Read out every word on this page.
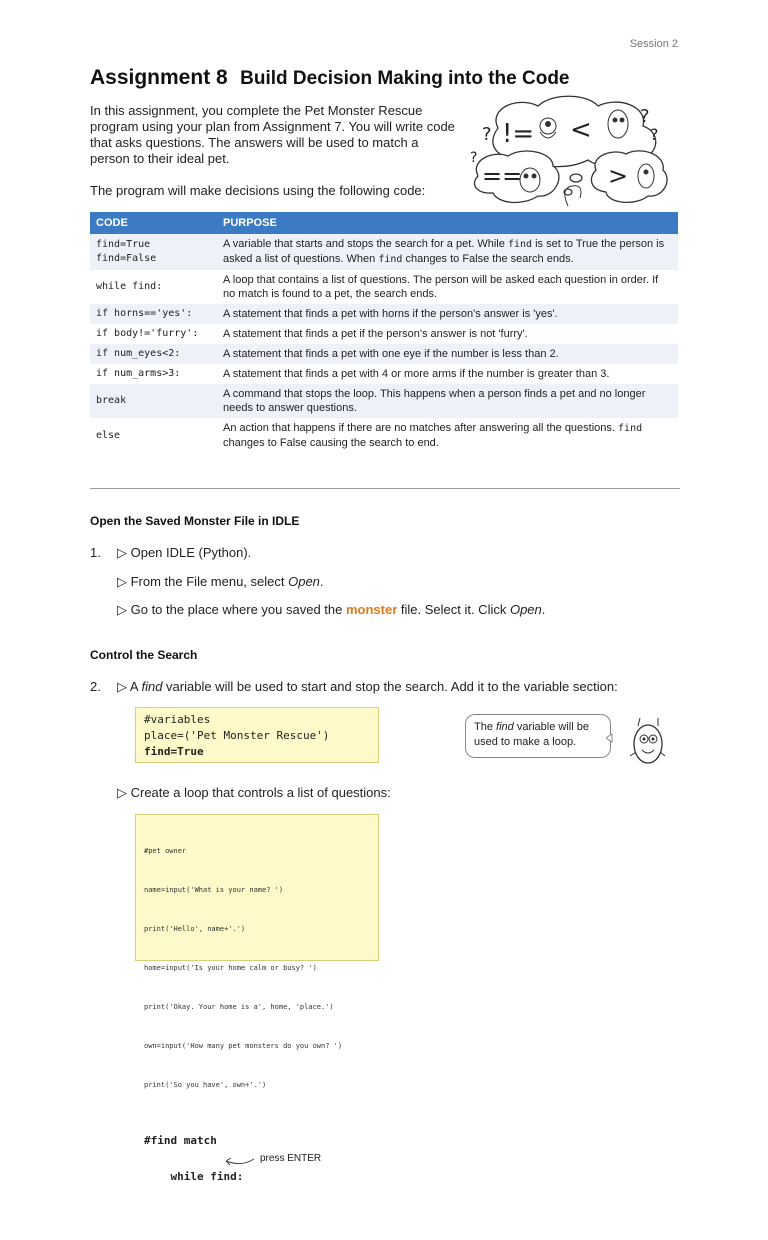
Session 2
Assignment 8 Build Decision Making into the Code

In this assignment, you complete the Pet Monster Rescue program using your plan from Assignment 7. You will write code that asks questions. The answers will be used to match a person to their ideal pet.

The program will make decisions using the following code:

!= <
==	>
?
?
?
?
CODE	PURPOSE
find=True
find=False	A variable that starts and stops the search for a pet. While find is set to True the person is asked a list of questions. When find changes to False the search ends.
while find:	A loop that contains a list of questions. The person will be asked each question in order. If no match is found to a pet, the search ends.
if horns=='yes':	A statement that finds a pet with horns if the person's answer is 'yes'.
if body!='furry':	A statement that finds a pet if the person's answer is not 'furry'.
if num_eyes<2:	A statement that finds a pet with one eye if the number is less than 2.
if num_arms>3:	A statement that finds a pet with 4 or more arms if the number is greater than 3.
break	A command that stops the loop. This happens when a person finds a pet and no longer needs to answer questions.
else	An action that happens if there are no matches after answering all the questions. find changes to False causing the search to end.
Open the Saved Monster File in IDLE
1. ▷ Open IDLE (Python).
▷ From the File menu, select Open.
▷ Go to the place where you saved the monster file. Select it. Click Open.
Control the Search
2. ▷ A find variable will be used to start and stop the search. Add it to the variable section:
#variables
place=('Pet Monster Rescue')
find=True
The find variable will be used to make a loop.
▷ Create a loop that controls a list of questions:

#pet owner

name=input('What is your name? ')

print('Hello', name+'.')

home=input('Is your home calm or busy? ')

print('Okay. Your home is a', home, 'place.')

own=input('How many pet monsters do you own? ')

print('So you have', own+'.')

#find match

while find:

press ENTER
